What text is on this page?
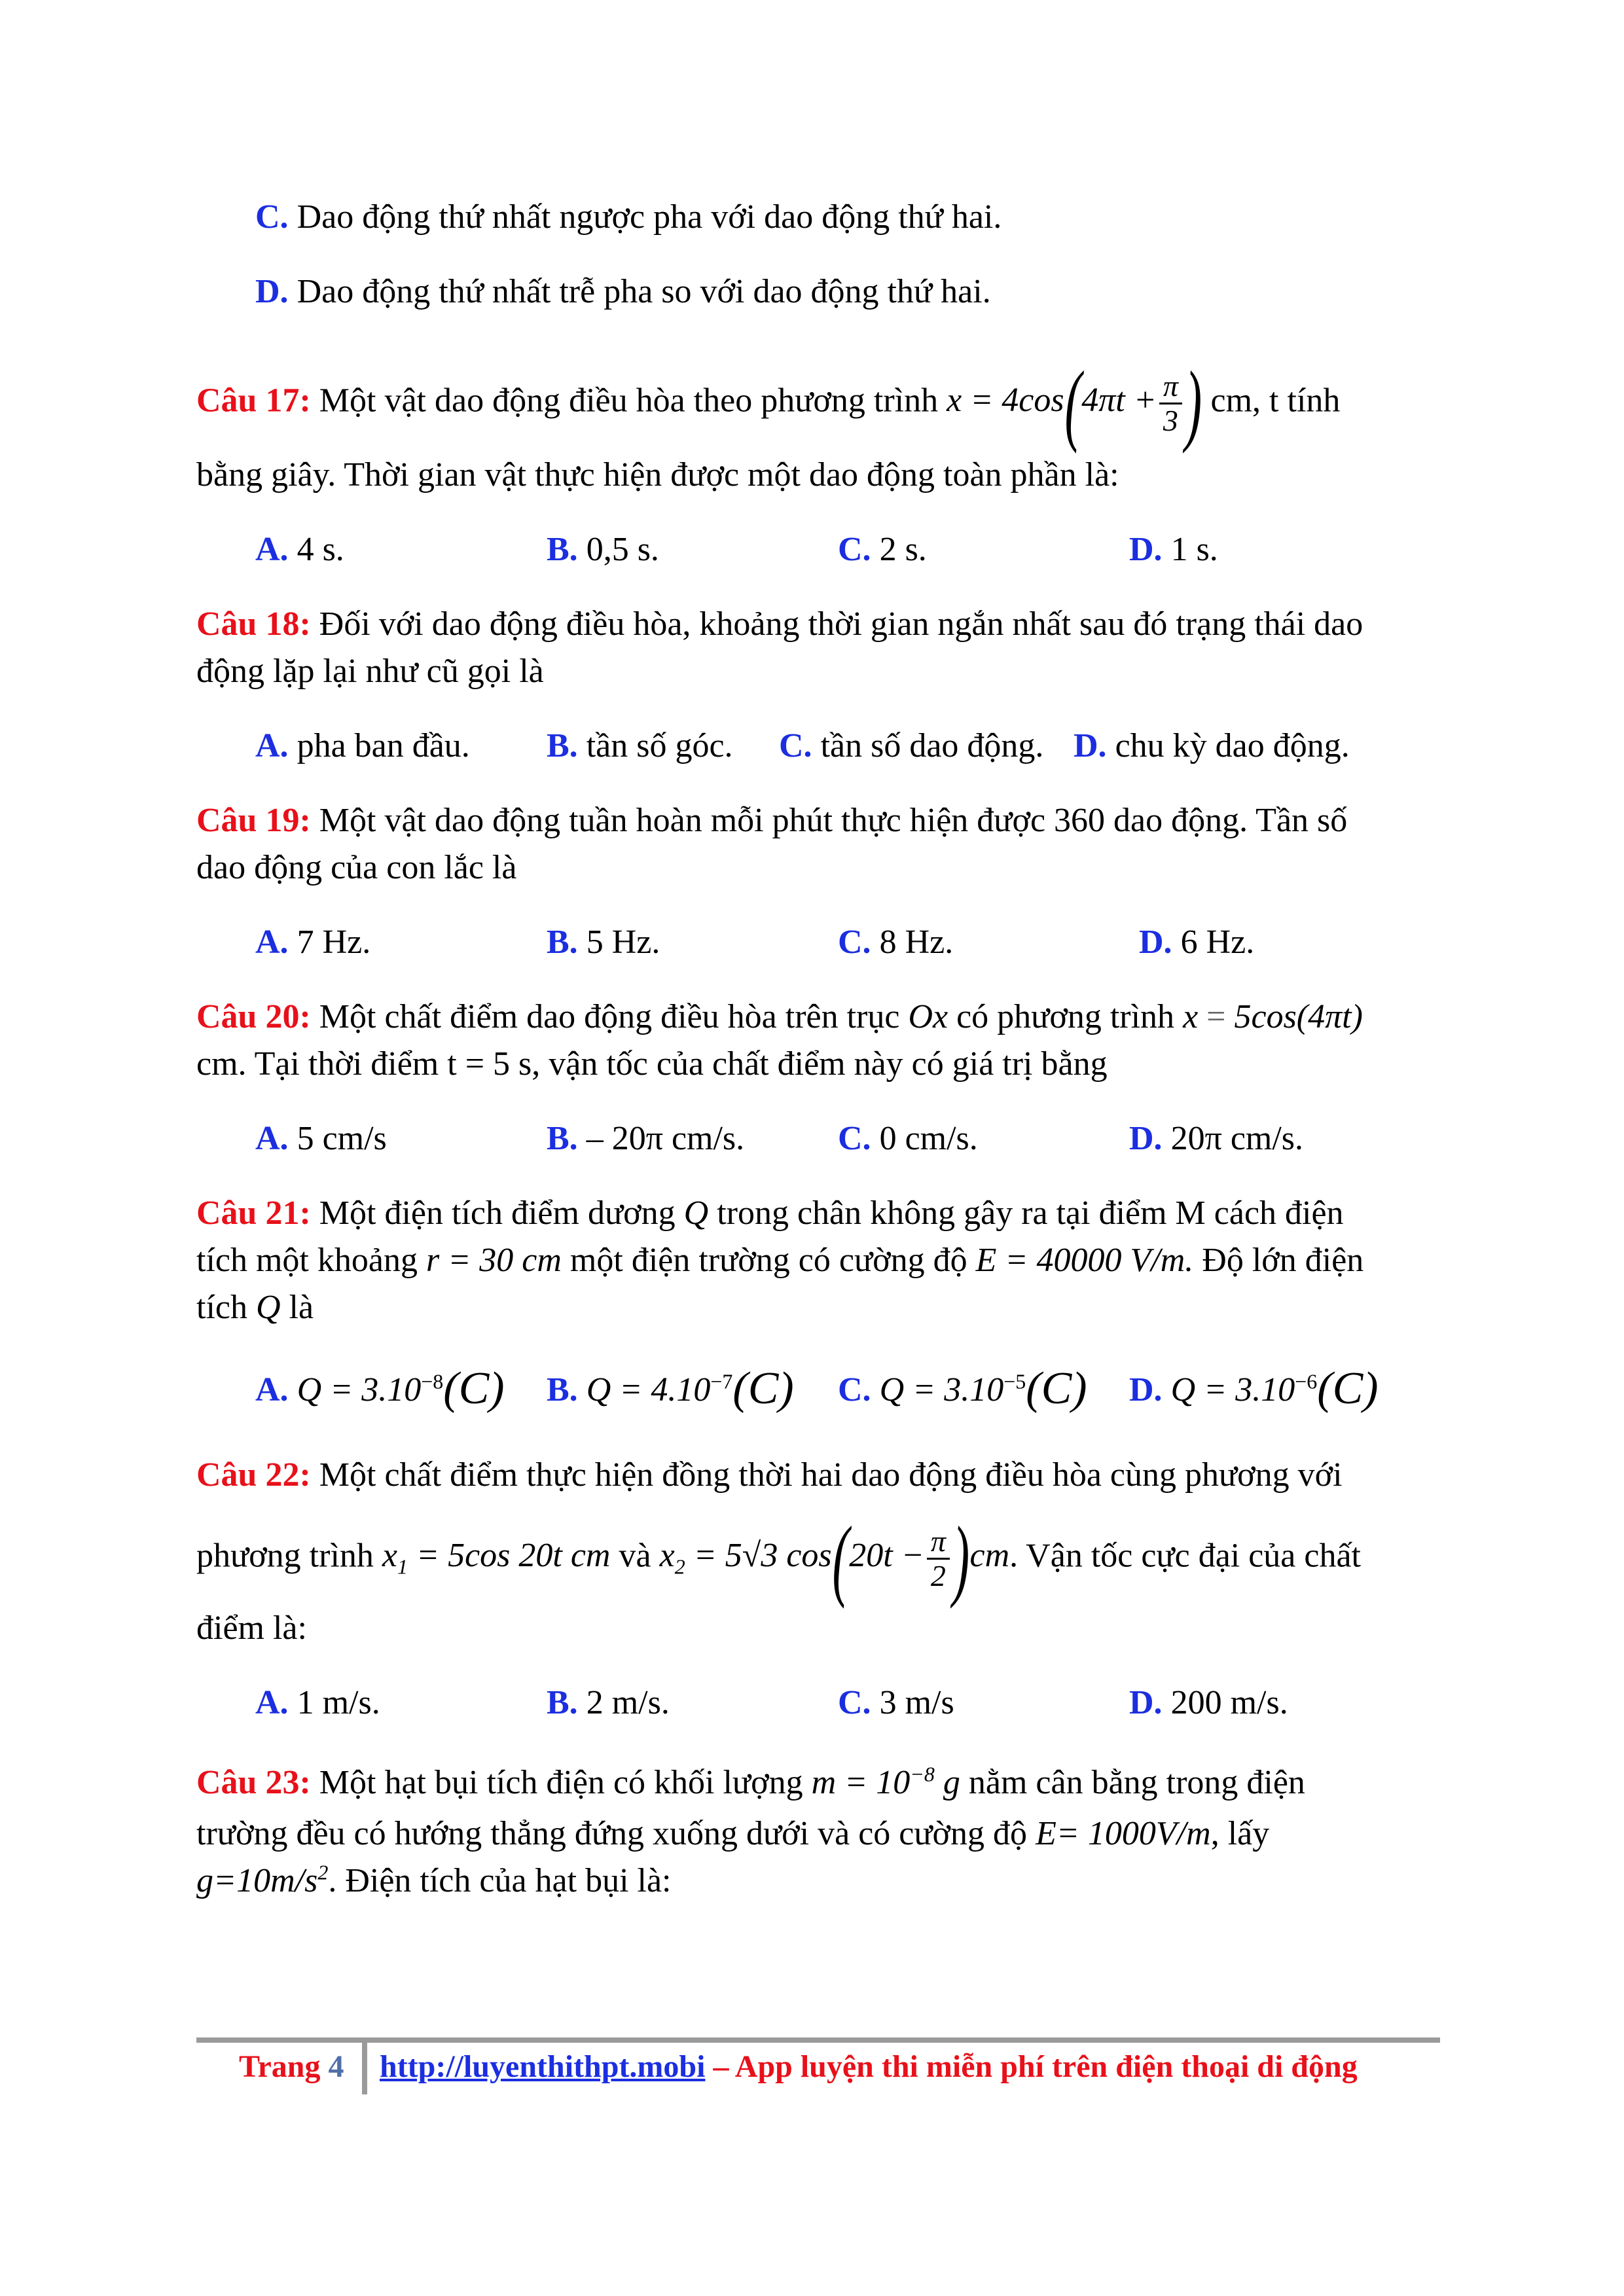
C. Dao động thứ nhất ngược pha với dao động thứ hai.
D. Dao động thứ nhất trễ pha so với dao động thứ hai.
Câu 17: Một vật dao động điều hòa theo phương trình $x = 4\cos(4\pi t + \frac{\pi}{3}$ ) cm, t tính
bằng giây. Thời gian vật thực hiện được một dao động toàn phần là:
A. 4 s.	B. 0,5 s.	C. 2 s.	D. 1 s.
Câu 18: Đối với dao động điều hòa, khoảng thời gian ngắn nhất sau đó trạng thái dao
động lặp lại như cũ gọi là
A. pha ban đầu. B. tần số góc. C. tần số dao động. D. chu kỳ dao động.
Câu 19: Một vật dao động tuần hoàn mỗi phút thực hiện được 360 dao động. Tần số
dao động của con lắc là
A. 7 Hz.	B. 5 Hz.	C. 8 Hz.	D. 6 Hz.
Câu 20: Một chất điểm dao động điều hòa trên trục Ox có phương trình x = 5cos(4πt)
cm. Tại thời điểm t = 5 s, vận tốc của chất điểm này có giá trị bằng
A. 5 cm/s	B. – 20π cm/s.	C. 0 cm/s.	D. 20π cm/s.
Câu 21: Một điện tích điểm dương Q trong chân không gây ra tại điểm M cách điện
tích một khoảng r = 30 cm một điện trường có cường độ E = 40000 V/m. Độ lớn điện
tích Q là
A. $Q = 3.10^{-8}(C)$ B. $Q = 4.10^{-7}(C)$ C. $Q = 3.10^{-5}(C)$ D. $Q = 3.10^{-6}(C)$
Câu 22: Một chất điểm thực hiện đồng thời hai dao động điều hòa cùng phương với
phương trình $x_1 = 5\cos$ 20t cm và $x_2 = 5√3$ $\cos(20t - \frac{\pi}{2} )cm$. Vận tốc cực đại của chất
điểm là:
A. 1 m/s.	B. 2 m/s.	C. 3 m/s	D. 200 m/s.
Câu 23: Một hạt bụi tích điện có khối lượng $m = 10^{-8}$ g nằm cân bằng trong điện
trường đều có hướng thẳng đứng xuống dưới và có cường độ E= 1000V/m, lấy
$g=10m/s^2$. Điện tích của hạt bụi là:
Trang 4 http://luyenthithpt.mobi – App luyện thi miễn phí trên điện thoại di động
